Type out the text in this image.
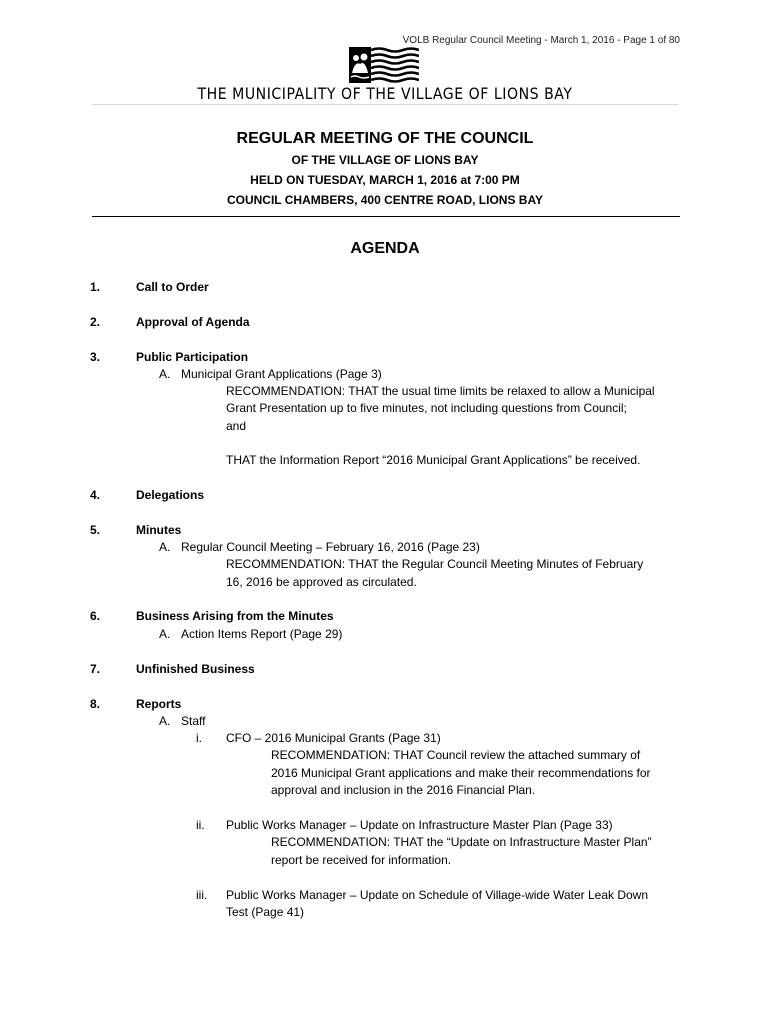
VOLB Regular Council Meeting - March 1, 2016 - Page 1 of 80
THE MUNICIPALITY OF THE VILLAGE OF LIONS BAY

REGULAR MEETING OF THE COUNCIL

OF THE VILLAGE OF LIONS BAY

HELD ON TUESDAY, MARCH 1, 2016 at 7:00 PM

COUNCIL CHAMBERS, 400 CENTRE ROAD, LIONS BAY

AGENDA
1.	Call to Order
2.	Approval of Agenda
3.	Public Participation
A. Municipal Grant Applications (Page 3)
RECOMMENDATION: THAT the usual time limits be relaxed to allow a Municipal
Grant Presentation up to five minutes, not including questions from Council;
and
THAT the Information Report “2016 Municipal Grant Applications” be received.
4.	Delegations
5.	Minutes
A. Regular Council Meeting – February 16, 2016 (Page 23)
RECOMMENDATION: THAT the Regular Council Meeting Minutes of February
16, 2016 be approved as circulated.
6.	Business Arising from the Minutes
A. Action Items Report (Page 29)
7.	Unfinished Business
8.	Reports
A. Staff
i. CFO – 2016 Municipal Grants (Page 31)
RECOMMENDATION: THAT Council review the attached summary of
2016 Municipal Grant applications and make their recommendations for
approval and inclusion in the 2016 Financial Plan.
ii. Public Works Manager – Update on Infrastructure Master Plan (Page 33)
RECOMMENDATION: THAT the “Update on Infrastructure Master Plan”
report be received for information.
iii. Public Works Manager – Update on Schedule of Village-wide Water Leak Down
Test (Page 41)
